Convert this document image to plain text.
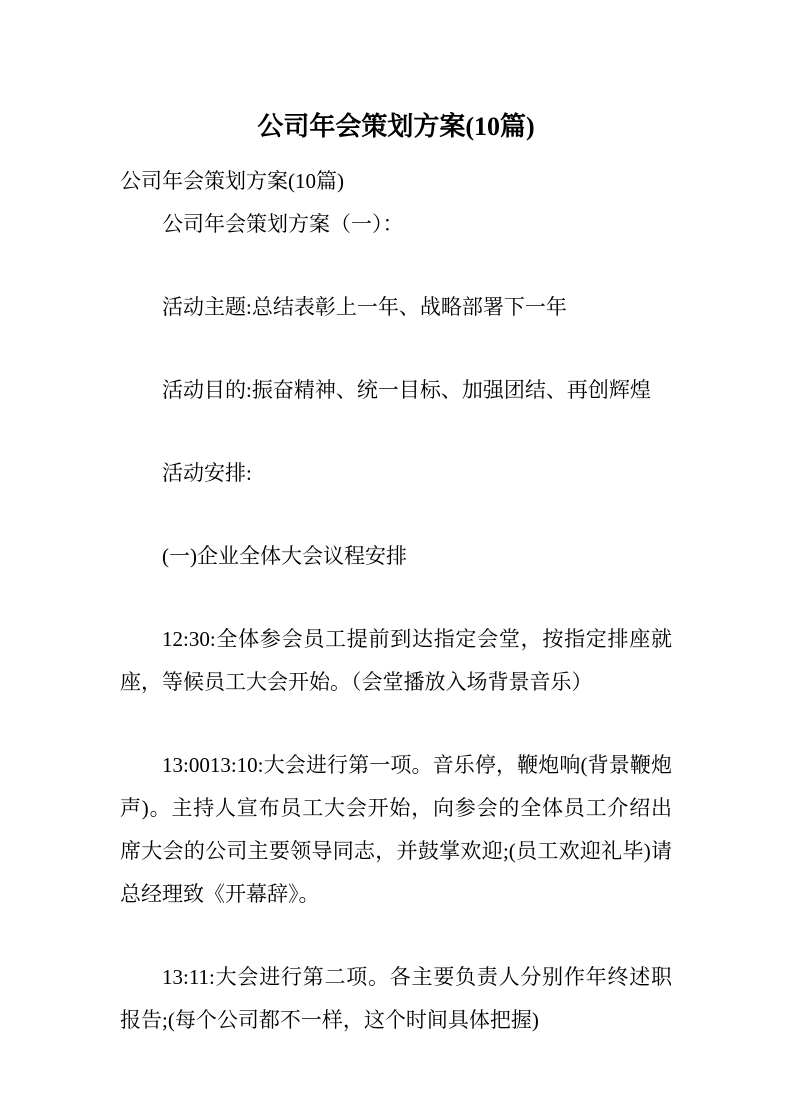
公司年会策划方案(10篇)

公司年会策划方案(10篇)

公司年会策划方案（一）：

活动主题:总结表彰上一年、战略部署下一年

活动目的:振奋精神、统一目标、加强团结、再创辉煌

活动安排:

(一)企业全体大会议程安排

12:30:全体参会员工提前到达指定会堂，按指定排座就座，等候员工大会开始。（会堂播放入场背景音乐）

13:0013:10:大会进行第一项。音乐停，鞭炮响(背景鞭炮声)。主持人宣布员工大会开始，向参会的全体员工介绍出席大会的公司主要领导同志，并鼓掌欢迎;(员工欢迎礼毕)请总经理致《开幕辞》。

13:11:大会进行第二项。各主要负责人分别作年终述职报告;(每个公司都不一样，这个时间具体把握)
